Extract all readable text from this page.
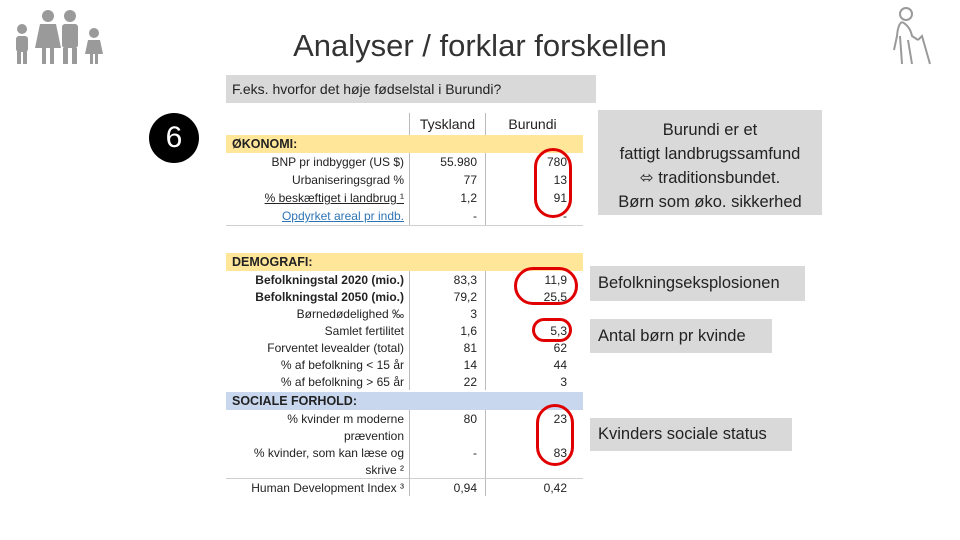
Analyser / forklar forskellen
F.eks. hvorfor det høje fødselstal i Burundi?
6	Tyskland	Burundi
ØKONOMI:
BNP pr indbygger (US $)	55.980	780
Urbaniseringsgrad %	77	13
% beskæftiget i landbrug ¹	1,2	91
Opdyrket areal pr indb.	-	-
DEMOGRAFI:
Befolkningstal 2020 (mio.)	83,3	11,9
Befolkningstal 2050 (mio.)	79,2	25,5
Børnedødelighed ‰	3
Samlet fertilitet	1,6	5,3
Forventet levealder (total)	81	62
% af befolkning < 15 år	14	44
% af befolkning > 65 år	22	3
SOCIALE FORHOLD:
% kvinder m moderne	80	23
prævention
% kvinder, som kan læse og	-	83
skrive ²
Human Development Index ³	0,94	0,42
Burundi er et
fattigt landbrugssamfund
⬄ traditionsbundet.
Børn som øko. sikkerhed
Befolkningseksplosionen
Antal børn pr kvinde
Kvinders sociale status
